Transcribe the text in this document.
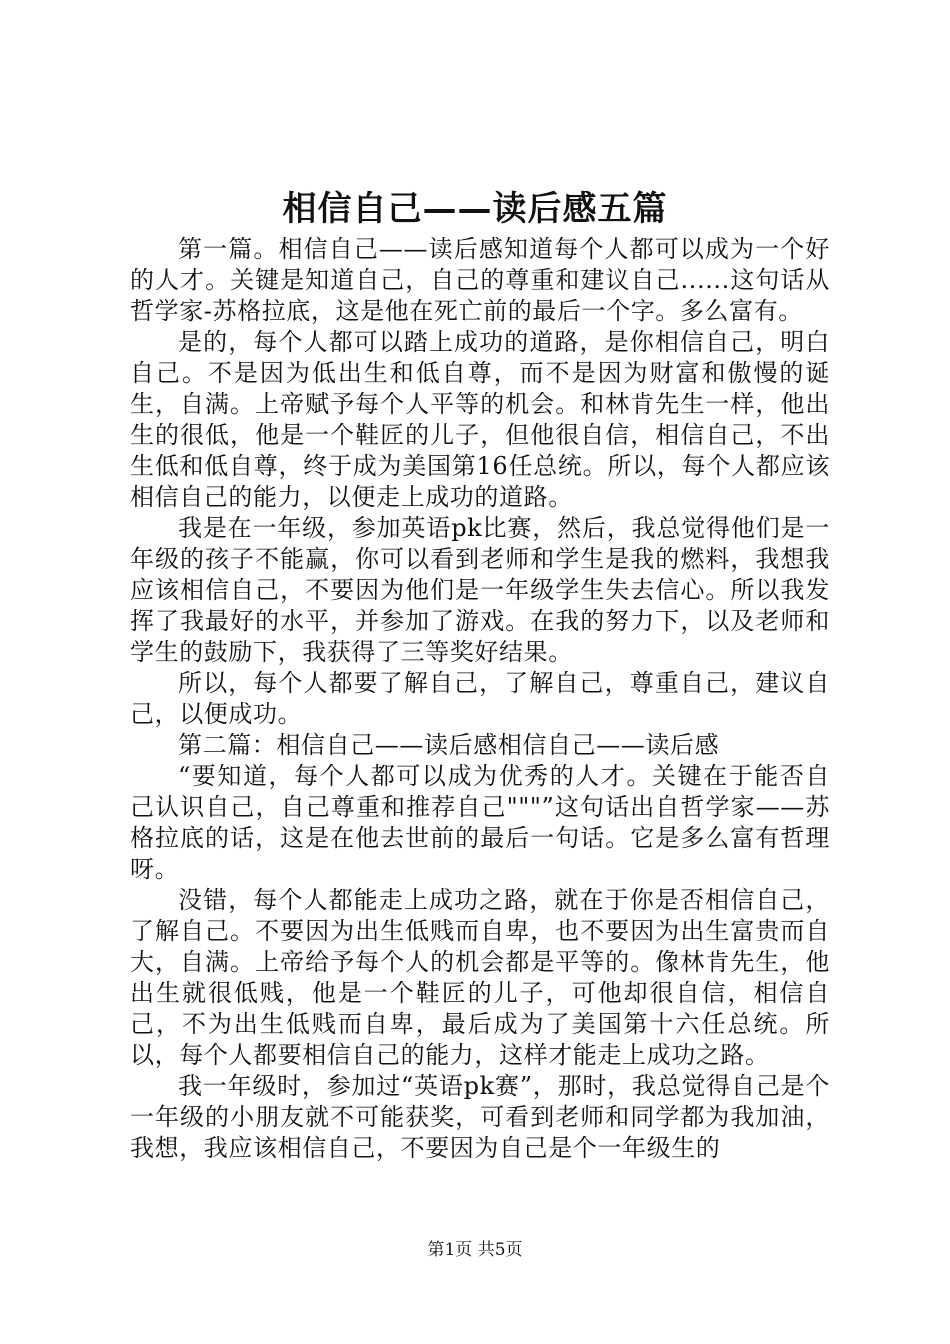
相信自己——读后感五篇

第一篇。相信自己——读后感知道每个人都可以成为一个好的人才。关键是知道自己，自己的尊重和建议自己......这句话从哲学家-苏格拉底，这是他在死亡前的最后一个字。多么富有。

是的，每个人都可以踏上成功的道路，是你相信自己，明白自己。不是因为低出生和低自尊，而不是因为财富和傲慢的诞生，自满。上帝赋予每个人平等的机会。和林肯先生一样，他出生的很低，他是一个鞋匠的儿子，但他很自信，相信自己，不出生低和低自尊，终于成为美国第16任总统。所以，每个人都应该相信自己的能力，以便走上成功的道路。

我是在一年级，参加英语pk比赛，然后，我总觉得他们是一年级的孩子不能赢，你可以看到老师和学生是我的燃料，我想我应该相信自己，不要因为他们是一年级学生失去信心。所以我发挥了我最好的水平，并参加了游戏。在我的努力下，以及老师和学生的鼓励下，我获得了三等奖好结果。

所以，每个人都要了解自己，了解自己，尊重自己，建议自己，以便成功。

第二篇：相信自己——读后感相信自己——读后感

“要知道，每个人都可以成为优秀的人才。关键在于能否自己认识自己，自己尊重和推荐自己"""”这句话出自哲学家——苏格拉底的话，这是在他去世前的最后一句话。它是多么富有哲理呀。

没错，每个人都能走上成功之路，就在于你是否相信自己，了解自己。不要因为出生低贱而自卑，也不要因为出生富贵而自大，自满。上帝给予每个人的机会都是平等的。像林肯先生，他出生就很低贱，他是一个鞋匠的儿子，可他却很自信，相信自己，不为出生低贱而自卑，最后成为了美国第十六任总统。所以，每个人都要相信自己的能力，这样才能走上成功之路。

我一年级时，参加过“英语pk赛”，那时，我总觉得自己是个一年级的小朋友就不可能获奖，可看到老师和同学都为我加油，我想，我应该相信自己，不要因为自己是个一年级生的

第1页 共5页
